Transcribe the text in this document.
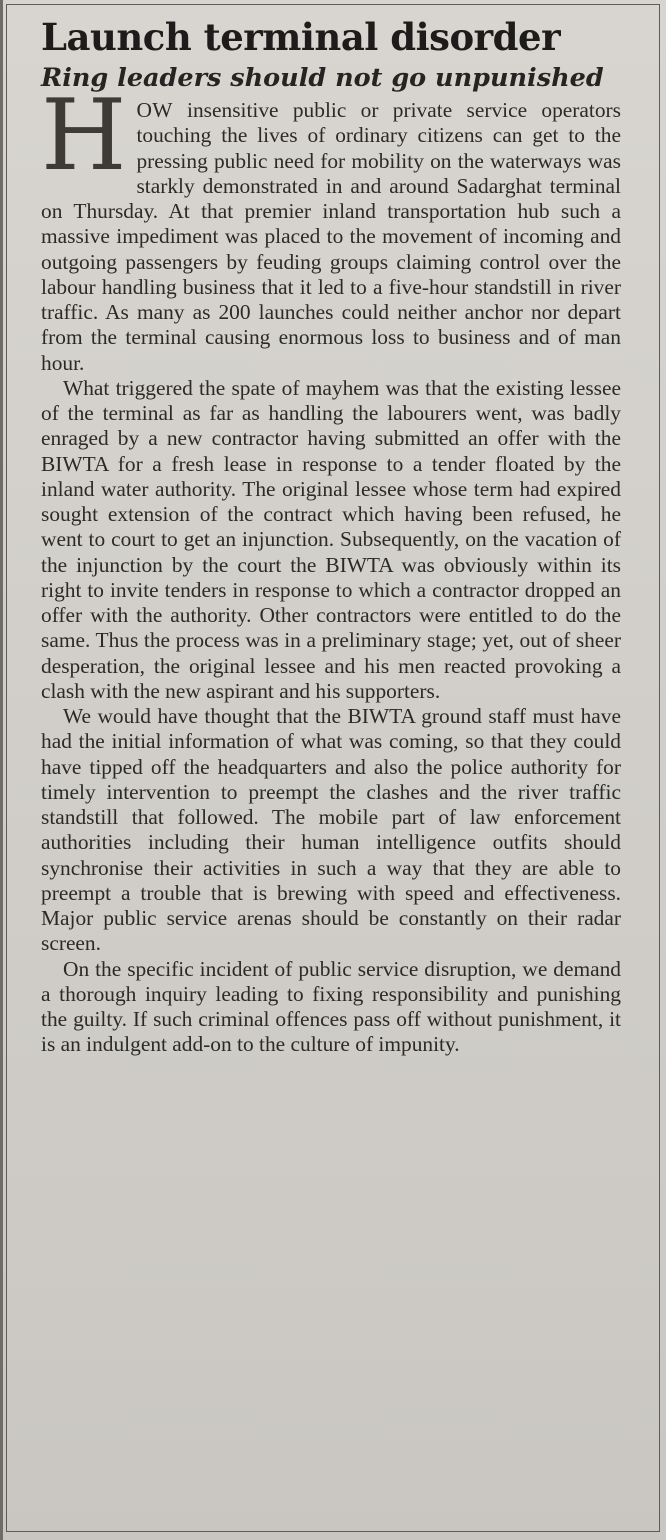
Launch terminal disorder
Ring leaders should not go unpunished

HOW insensitive public or private service operators touching the lives of ordinary citizens can get to the pressing public need for mobility on the waterways was starkly demonstrated in and around Sadarghat terminal on Thursday. At that premier inland transportation hub such a massive impediment was placed to the movement of incoming and outgoing passengers by feuding groups claiming control over the labour handling business that it led to a five-hour standstill in river traffic. As many as 200 launches could neither anchor nor depart from the terminal causing enormous loss to business and of man hour.

What triggered the spate of mayhem was that the existing lessee of the terminal as far as handling the labourers went, was badly enraged by a new contractor having submitted an offer with the BIWTA for a fresh lease in response to a tender floated by the inland water authority. The original lessee whose term had expired sought extension of the contract which having been refused, he went to court to get an injunction. Subsequently, on the vacation of the injunction by the court the BIWTA was obviously within its right to invite tenders in response to which a contractor dropped an offer with the authority. Other contractors were entitled to do the same. Thus the process was in a preliminary stage; yet, out of sheer desperation, the original lessee and his men reacted provoking a clash with the new aspirant and his supporters.

We would have thought that the BIWTA ground staff must have had the initial information of what was coming, so that they could have tipped off the headquarters and also the police authority for timely intervention to preempt the clashes and the river traffic standstill that followed. The mobile part of law enforcement authorities including their human intelligence outfits should synchronise their activities in such a way that they are able to preempt a trouble that is brewing with speed and effectiveness. Major public service arenas should be constantly on their radar screen.

On the specific incident of public service disruption, we demand a thorough inquiry leading to fixing responsibility and punishing the guilty. If such criminal offences pass off without punishment, it is an indulgent add-on to the culture of impunity.
